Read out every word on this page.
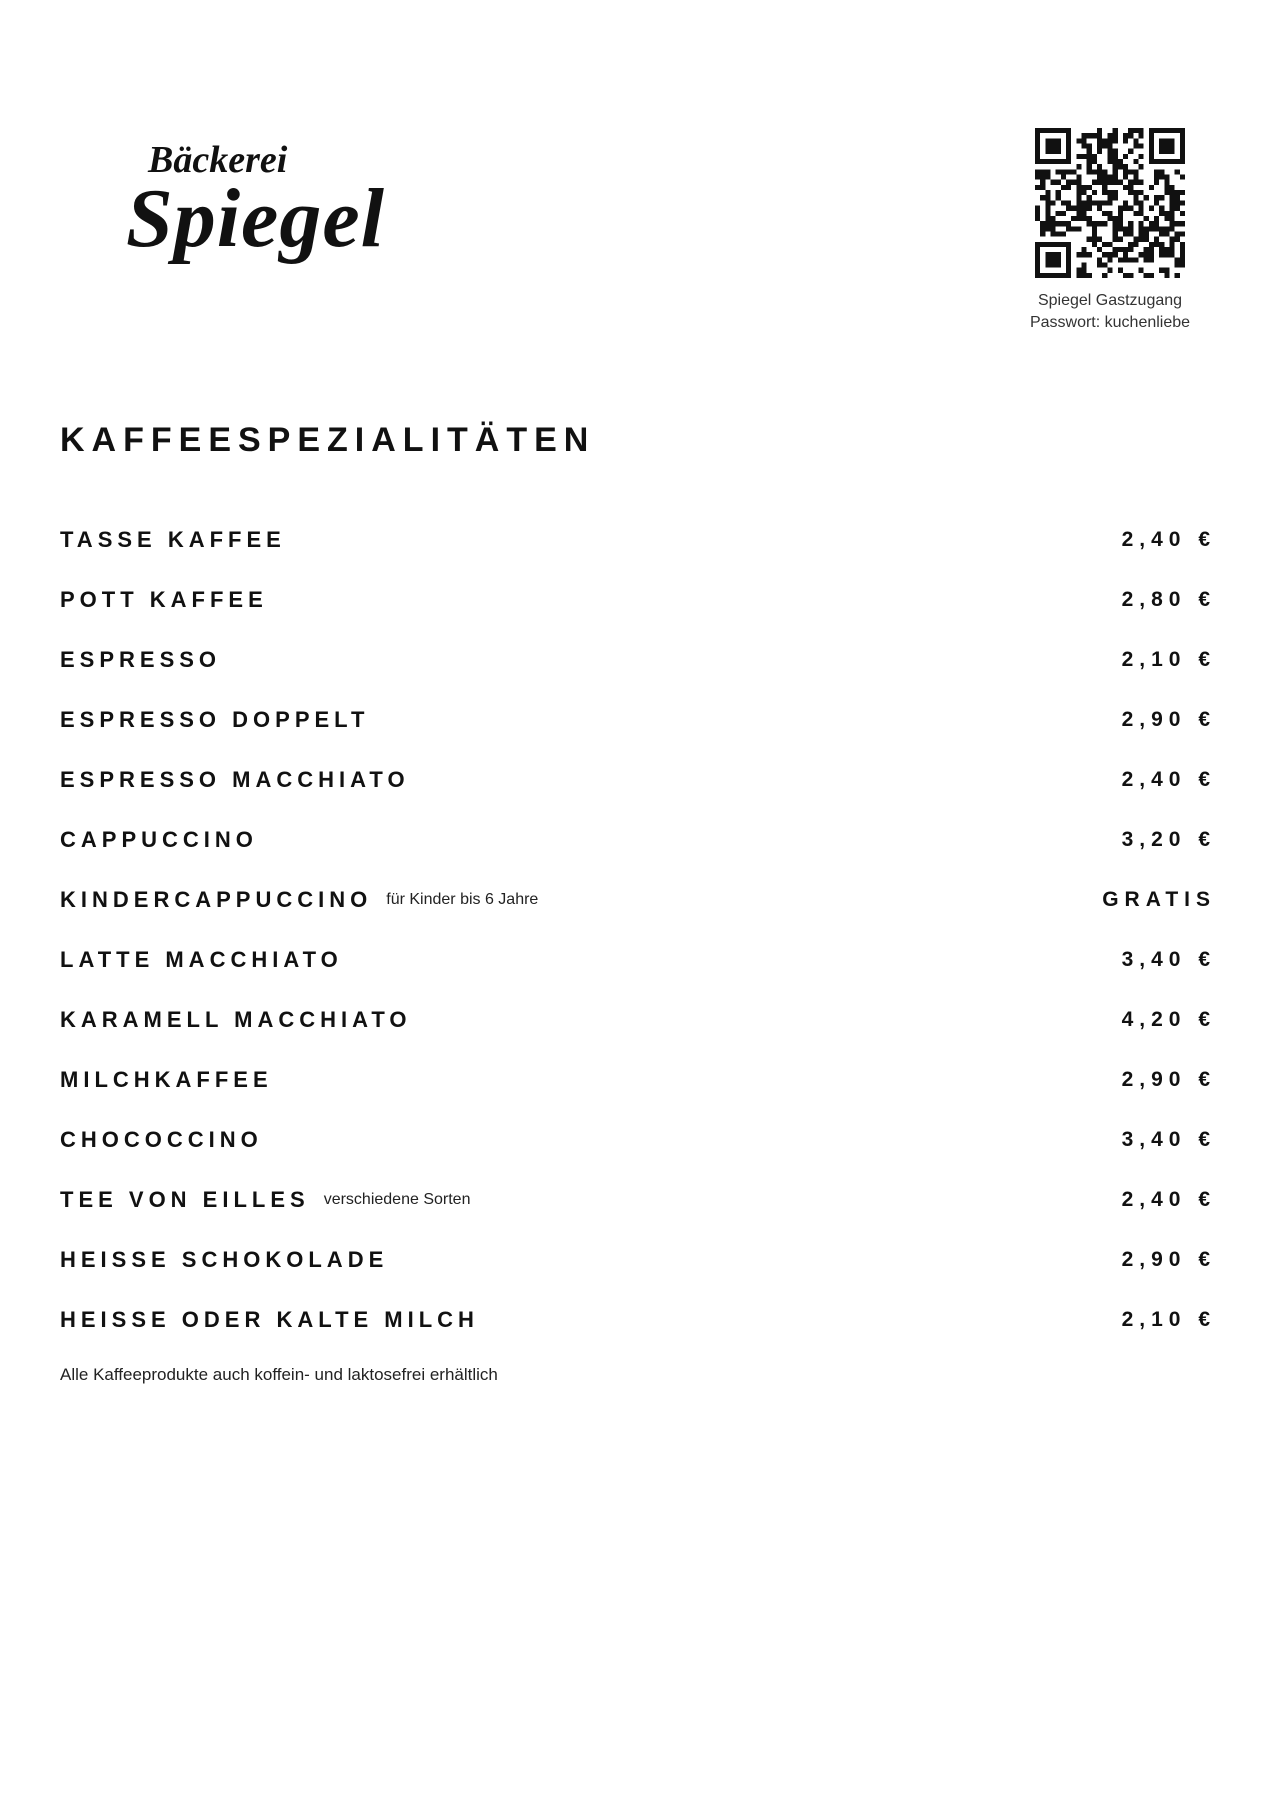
Bäckerei
Spiegel
Spiegel Gastzugang
Passwort: kuchenliebe
KAFFEESPEZIALITÄTEN
TASSE KAFFEE	2,40 €
POTT KAFFEE	2,80 €
ESPRESSO	2,10 €
ESPRESSO DOPPELT	2,90 €
ESPRESSO MACCHIATO	2,40 €
CAPPUCCINO	3,20 €
KINDERCAPPUCCINO für Kinder bis 6 Jahre	GRATIS
LATTE MACCHIATO	3,40 €
KARAMELL MACCHIATO	4,20 €
MILCHKAFFEE	2,90 €
CHOCOCCINO	3,40 €
TEE VON EILLES verschiedene Sorten	2,40 €
HEISSE SCHOKOLADE	2,90 €
HEISSE ODER KALTE MILCH	2,10 €

Alle Kaffeeprodukte auch koffein- und laktosefrei erhältlich
